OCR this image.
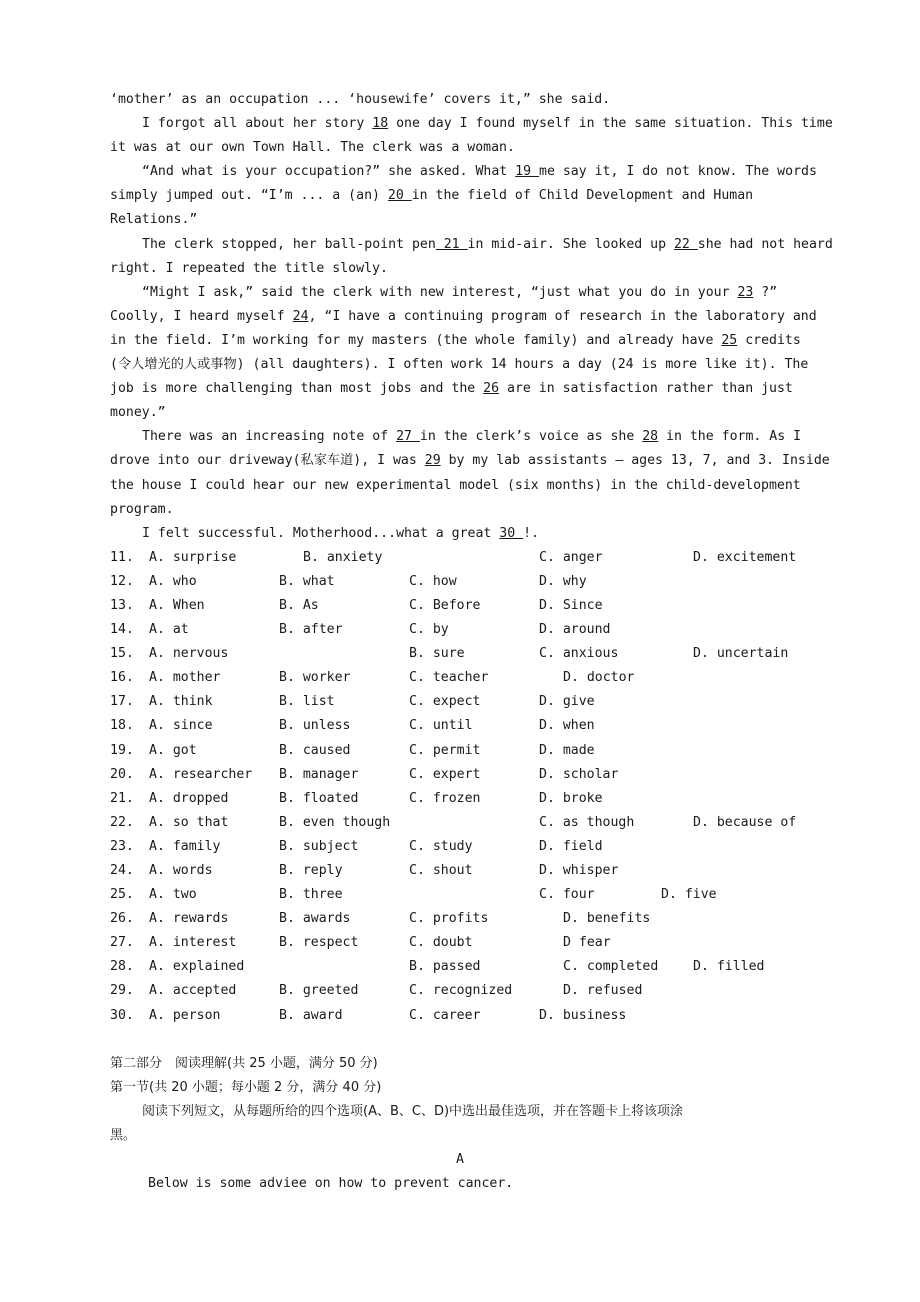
‘mother’ as an occupation ... ‘housewife’ covers it,” she said.
I forgot all about her story 18 one day I found myself in the same situation. This time
it was at our own Town Hall. The clerk was a woman.
“And what is your occupation?” she asked. What 19 me say it, I do not know. The words
simply jumped out. “I’m ... a (an) 20 in the field of Child Development and Human
Relations.”
The clerk stopped, her ball-point pen 21 in mid-air. She looked up 22 she had not heard
right. I repeated the title slowly.
“Might I ask,” said the clerk with new interest, “just what you do in your 23 ?”
Coolly, I heard myself 24, “I have a continuing program of research in the laboratory and
in the field. I’m working for my masters (the whole family) and already have 25 credits
(令人增光的人或事物) (all daughters). I often work 14 hours a day (24 is more like it). The
job is more challenging than most jobs and the 26 are in satisfaction rather than just
money.”
There was an increasing note of 27 in the clerk’s voice as she 28 in the form. As I
drove into our driveway(私家车道), I was 29 by my lab assistants — ages 13, 7, and 3. Inside
the house I could hear our new experimental model (six months) in the child-development
program.
I felt successful. Motherhood...what a great 30 !.
11. A. surprise	B. anxiety	C. anger	D. excitement
12. A. who	B. what	C. how	D. why
13. A. When	B. As	C. Before	D. Since
14. A. at	B. after	C. by	D. around
15. A. nervous	B. sure	C. anxious	D. uncertain
16. A. mother	B. worker	C. teacher	D. doctor
17. A. think	B. list	C. expect	D. give
18. A. since	B. unless	C. until	D. when
19. A. got	B. caused	C. permit	D. made
20. A. researcher B. manager	C. expert	D. scholar
21. A. dropped	B. floated	C. frozen	D. broke
22. A. so that	B. even though	C. as though	D. because of
23. A. family	B. subject	C. study	D. field
24. A. words	B. reply	C. shout	D. whisper
25. A. two	B. three	C. four	D. five
26. A. rewards	B. awards	C. profits	D. benefits
27. A. interest	B. respect	C. doubt	D fear
28. A. explained	B. passed	C. completed	D. filled
29. A. accepted	B. greeted	C. recognized	D. refused
30. A. person	B. award	C. career	D. business
第二部分　阅读理解(共 25 小题，满分 50 分)
第一节(共 20 小题；每小题 2 分，满分 40 分)
阅读下列短文，从每题所给的四个选项(A、B、C、D)中选出最佳选项，并在答题卡上将该项涂
黑。
A
Below is some adviee on how to prevent cancer.
